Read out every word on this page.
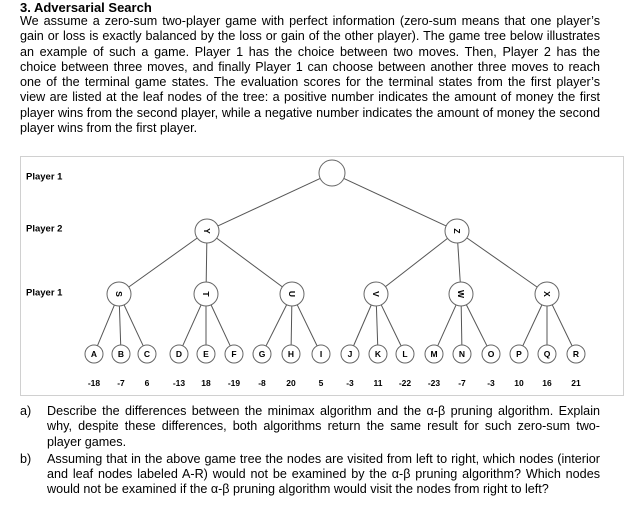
3. Adversarial Search
We assume a zero-sum two-player game with perfect information (zero-sum means that one player’s gain or loss is exactly balanced by the loss or gain of the other player). The game tree below illustrates an example of such a game. Player 1 has the choice between two moves. Then, Player 2 has the choice between three moves, and finally Player 1 can choose between another three moves to reach one of the terminal game states. The evaluation scores for the terminal states from the first player’s view are listed at the leaf nodes of the tree: a positive number indicates the amount of money the first player wins from the second player, while a negative number indicates the amount of money the second player wins from the first player.
Player 1
Player 2
Player 1
Y	Z
S	T	U	V	W	X
A
-18
B
-7
C
6
D
-13
E
18
F
-19
G
-8
H
20
I
5
J
-3
K
11
L
-22
M
-23
N
-7
O
-3
P
10
Q
16
R
21
a) Describe the differences between the minimax algorithm and the α-β pruning algorithm. Explain why, despite these differences, both algorithms return the same result for such zero-sum two-player games.
b) Assuming that in the above game tree the nodes are visited from left to right, which nodes (interior and leaf nodes labeled A-R) would not be examined by the α-β pruning algorithm? Which nodes would not be examined if the α-β pruning algorithm would visit the nodes from right to left?
